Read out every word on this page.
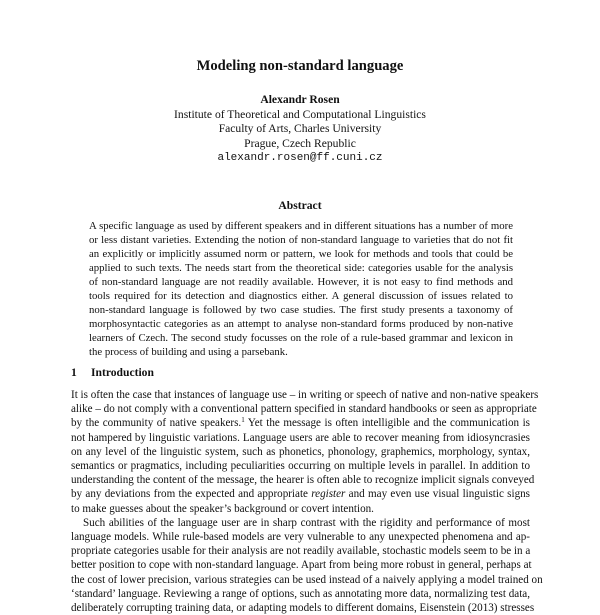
Modeling non-standard language
Alexandr Rosen
Institute of Theoretical and Computational Linguistics
Faculty of Arts, Charles University
Prague, Czech Republic
alexandr.rosen@ff.cuni.cz
Abstract
A specific language as used by different speakers and in different situations has a number of more
or less distant varieties. Extending the notion of non-standard language to varieties that do not fit
an explicitly or implicitly assumed norm or pattern, we look for methods and tools that could be
applied to such texts. The needs start from the theoretical side: categories usable for the analysis
of non-standard language are not readily available. However, it is not easy to find methods and
tools required for its detection and diagnostics either. A general discussion of issues related to
non-standard language is followed by two case studies. The first study presents a taxonomy of
morphosyntactic categories as an attempt to analyse non-standard forms produced by non-native
learners of Czech. The second study focusses on the role of a rule-based grammar and lexicon in
the process of building and using a parsebank.
1 Introduction
It is often the case that instances of language use – in writing or speech of native and non-native speakers
alike – do not comply with a conventional pattern specified in standard handbooks or seen as appropriate
by the community of native speakers.$^1$ Yet the message is often intelligible and the communication is
not hampered by linguistic variations. Language users are able to recover meaning from idiosyncrasies
on any level of the linguistic system, such as phonetics, phonology, graphemics, morphology, syntax,
semantics or pragmatics, including peculiarities occurring on multiple levels in parallel. In addition to
understanding the content of the message, the hearer is often able to recognize implicit signals conveyed
by any deviations from the expected and appropriate register and may even use visual linguistic signs
to make guesses about the speaker’s background or covert intention.
Such abilities of the language user are in sharp contrast with the rigidity and performance of most
language models. While rule-based models are very vulnerable to any unexpected phenomena and ap-
propriate categories usable for their analysis are not readily available, stochastic models seem to be in a
better position to cope with non-standard language. Apart from being more robust in general, perhaps at
the cost of lower precision, various strategies can be used instead of a naively applying a model trained on
‘standard’ language. Reviewing a range of options, such as annotating more data, normalizing test data,
deliberately corrupting training data, or adapting models to different domains, Eisenstein (2013) stresses
